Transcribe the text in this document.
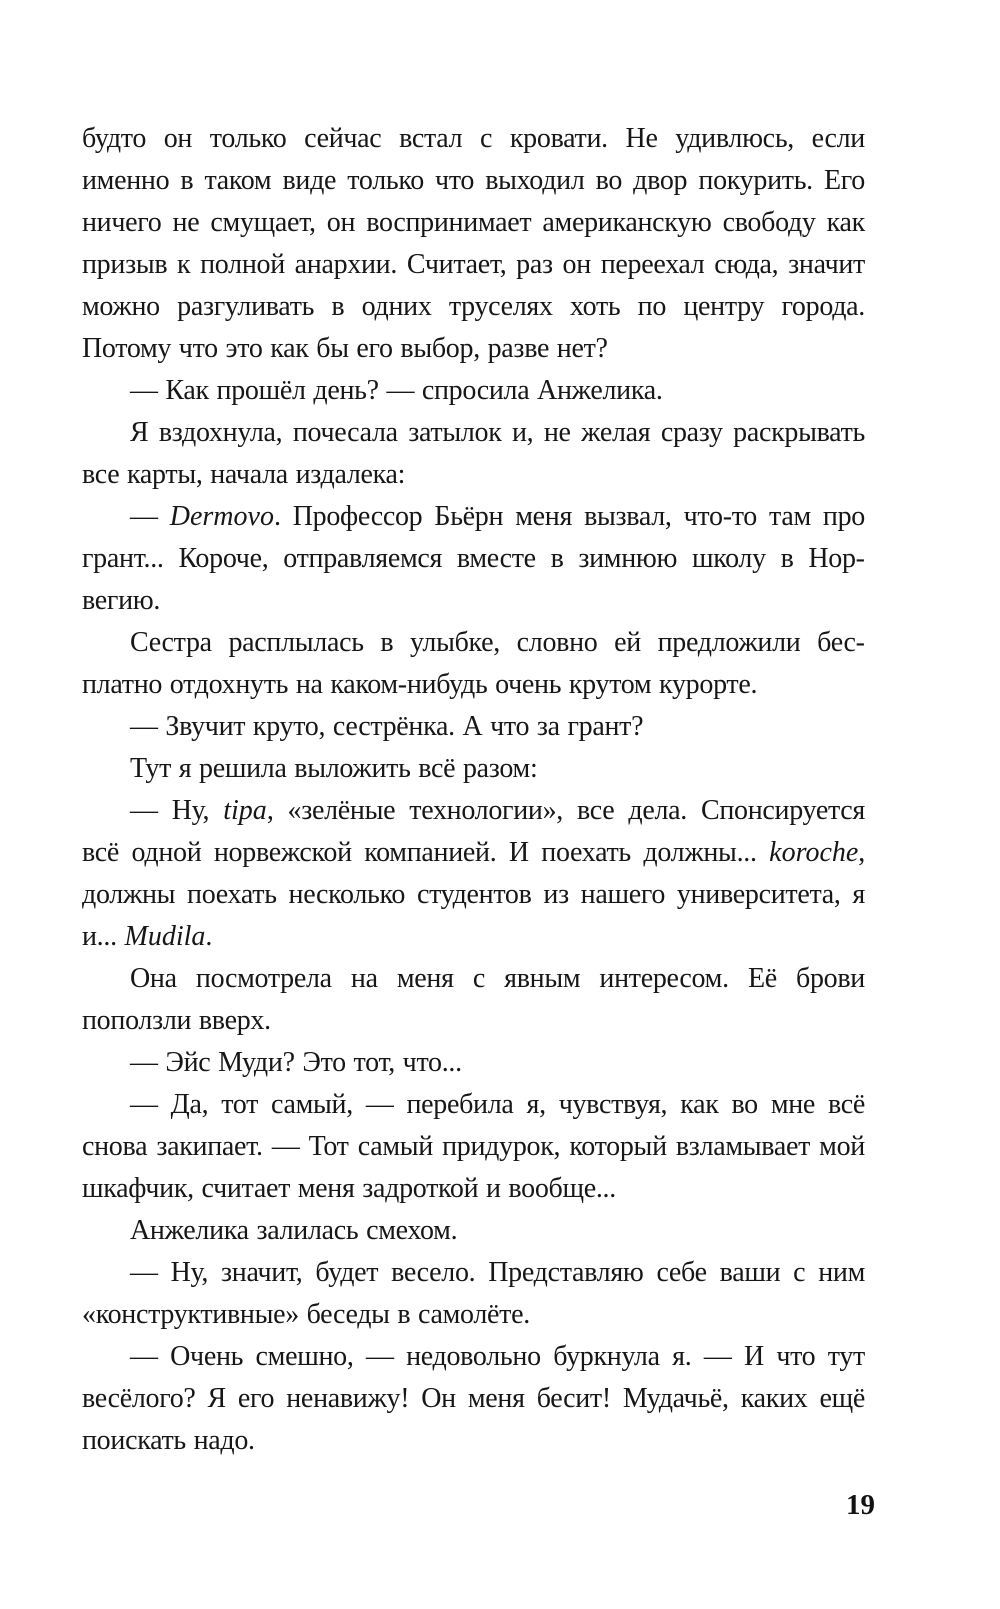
будто он только сейчас встал с кровати. Не удивлюсь, если именно в таком виде только что выходил во двор покурить. Его ничего не смущает, он воспринимает американскую свободу как призыв к полной анархии. Считает, раз он переехал сюда, значит можно разгуливать в одних труселях хоть по центру города. Потому что это как бы его выбор, разве нет?

— Как прошёл день? — спросила Анжелика.

Я вздохнула, почесала затылок и, не желая сразу раскрывать все карты, начала издалека:

— Dermovo. Профессор Бьёрн меня вызвал, что-то там про грант... Короче, отправляемся вместе в зимнюю школу в Норвегию.

Сестра расплылась в улыбке, словно ей предложили бесплатно отдохнуть на каком-нибудь очень крутом курорте.

— Звучит круто, сестрёнка. А что за грант?

Тут я решила выложить всё разом:

— Ну, tipa, «зелёные технологии», все дела. Спонсируется всё одной норвежской компанией. И поехать должны... koroche, должны поехать несколько студентов из нашего университета, я и... Mudila.

Она посмотрела на меня с явным интересом. Её брови поползли вверх.

— Эйс Муди? Это тот, что...

— Да, тот самый, — перебила я, чувствуя, как во мне всё снова закипает. — Тот самый придурок, который взламывает мой шкафчик, считает меня задроткой и вообще...

Анжелика залилась смехом.

— Ну, значит, будет весело. Представляю себе ваши с ним «конструктивные» беседы в самолёте.

— Очень смешно, — недовольно буркнула я. — И что тут весёлого? Я его ненавижу! Он меня бесит! Мудачьё, каких ещё поискать надо.

19
